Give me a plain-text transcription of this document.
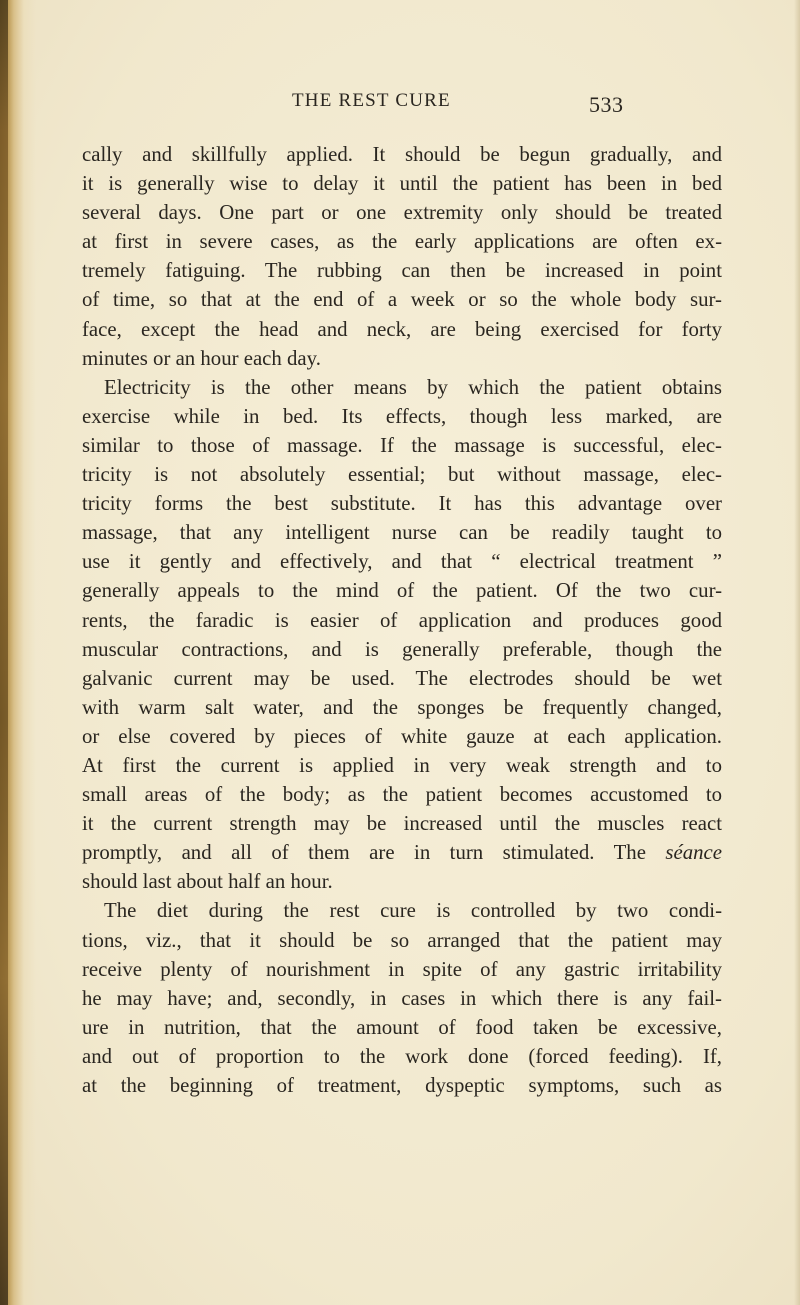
THE REST CURE	533
cally and skillfully applied. It should be begun gradually, and
it is generally wise to delay it until the patient has been in bed
several days. One part or one extremity only should be treated
at first in severe cases, as the early applications are often ex-
tremely fatiguing. The rubbing can then be increased in point
of time, so that at the end of a week or so the whole body sur-
face, except the head and neck, are being exercised for forty
minutes or an hour each day.
Electricity is the other means by which the patient obtains
exercise while in bed. Its effects, though less marked, are
similar to those of massage. If the massage is successful, elec-
tricity is not absolutely essential; but without massage, elec-
tricity forms the best substitute. It has this advantage over
massage, that any intelligent nurse can be readily taught to
use it gently and effectively, and that “ electrical treatment ”
generally appeals to the mind of the patient. Of the two cur-
rents, the faradic is easier of application and produces good
muscular contractions, and is generally preferable, though the
galvanic current may be used. The electrodes should be wet
with warm salt water, and the sponges be frequently changed,
or else covered by pieces of white gauze at each application.
At first the current is applied in very weak strength and to
small areas of the body; as the patient becomes accustomed to
it the current strength may be increased until the muscles react
promptly, and all of them are in turn stimulated. The séance
should last about half an hour.
The diet during the rest cure is controlled by two condi-
tions, viz., that it should be so arranged that the patient may
receive plenty of nourishment in spite of any gastric irritability
he may have; and, secondly, in cases in which there is any fail-
ure in nutrition, that the amount of food taken be excessive,
and out of proportion to the work done (forced feeding). If,
at the beginning of treatment, dyspeptic symptoms, such as
